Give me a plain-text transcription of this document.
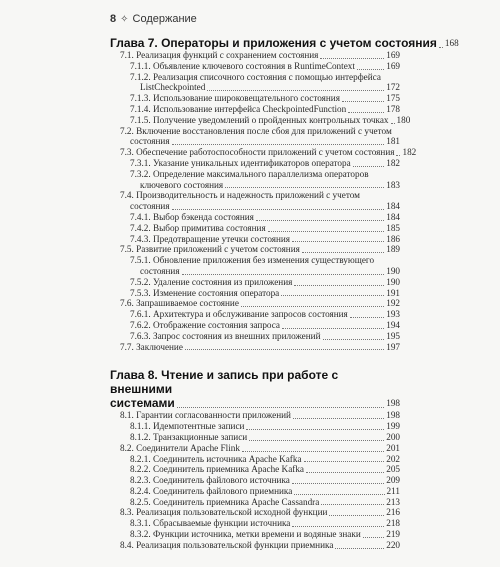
8 ✧ Содержание
Глава 7. Операторы и приложения с учетом состояния 168
7.1. Реализация функций с сохранением состояния	169
7.1.1. Объявление ключевого состояния в RuntimeContext	169
7.1.2. Реализация списочного состояния с помощью интерфейса
ListCheckpointed	172
7.1.3. Использование широковещательного состояния	175
7.1.4. Использование интерфейса CheckpointedFunction	178
7.1.5. Получение уведомлений о пройденных контрольных точках 180
7.2. Включение восстановления после сбоя для приложений с учетом
состояния	181
7.3. Обеспечение работоспособности приложений с учетом состояния 182
7.3.1. Указание уникальных идентификаторов оператора	182
7.3.2. Определение максимального параллелизма операторов
ключевого состояния	183
7.4. Производительность и надежность приложений с учетом
состояния	184
7.4.1. Выбор бэкенда состояния	184
7.4.2. Выбор примитива состояния	185
7.4.3. Предотвращение утечки состояния	186
7.5. Развитие приложений с учетом состояния	189
7.5.1. Обновление приложения без изменения существующего
состояния	190
7.5.2. Удаление состояния из приложения	190
7.5.3. Изменение состояния оператора	191
7.6. Запрашиваемое состояние	192
7.6.1. Архитектура и обслуживание запросов состояния	193
7.6.2. Отображение состояния запроса	194
7.6.3. Запрос состояния из внешних приложений	195
7.7. Заключение	197
Глава 8. Чтение и запись при работе с внешними
системами	198
8.1. Гарантии согласованности приложений	198
8.1.1. Идемпотентные записи	199
8.1.2. Транзакционные записи	200
8.2. Соединители Apache Flink	201
8.2.1. Соединитель источника Apache Kafka	202
8.2.2. Соединитель приемника Apache Kafka	205
8.2.3. Соединитель файлового источника	209
8.2.4. Соединитель файлового приемника	211
8.2.5. Соединитель приемника Apache Cassandra	213
8.3. Реализация пользовательской исходной функции	216
8.3.1. Сбрасываемые функции источника	218
8.3.2. Функции источника, метки времени и водяные знаки	219
8.4. Реализация пользовательской функции приемника	220
